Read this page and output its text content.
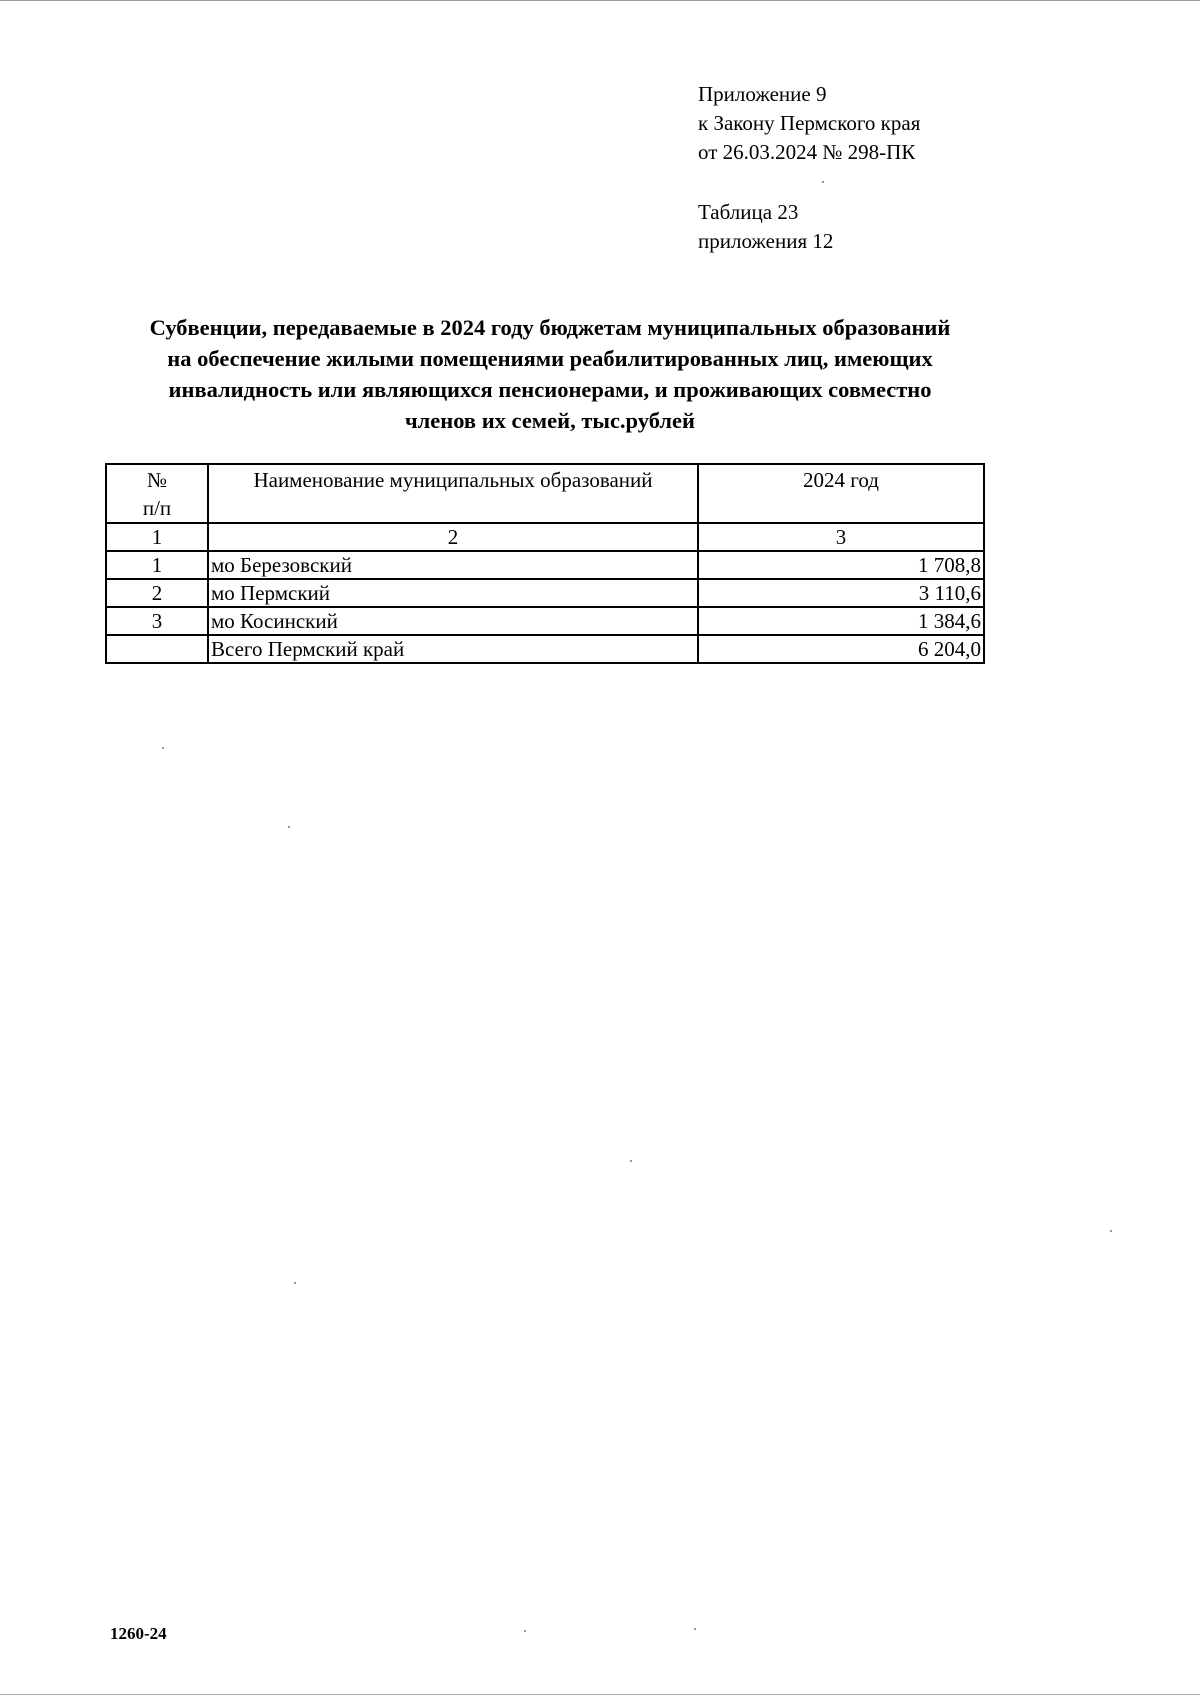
Приложение 9
к Закону Пермского края
от 26.03.2024 № 298-ПК
Таблица 23
приложения 12
Субвенции, передаваемые в 2024 году бюджетам муниципальных образований
на обеспечение жилыми помещениями реабилитированных лиц, имеющих
инвалидность или являющихся пенсионерами, и проживающих совместно
членов их семей, тыс.рублей
№
п/п	Наименование муниципальных образований	2024 год
1	2	3
1	мо Березовский	1 708,8
2	мо Пермский	3 110,6
3	мо Косинский	1 384,6
	Всего Пермский край	6 204,0
1260-24
